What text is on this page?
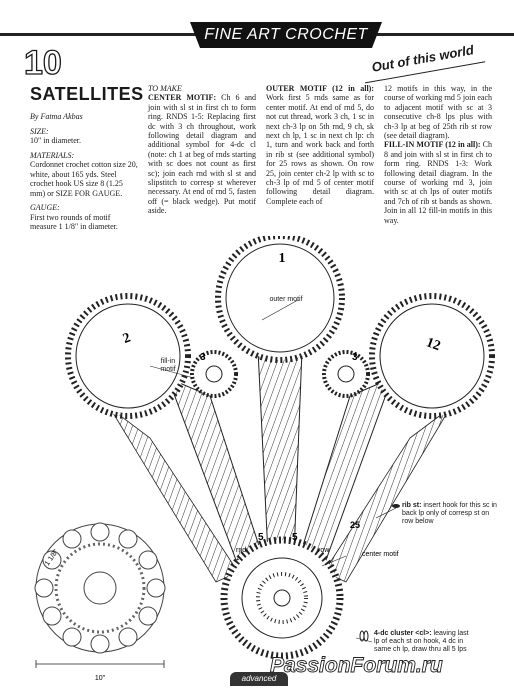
FINE ART CROCHET
Out of this world
10
SATELLITES

By Fatma Akbas

SIZE:
10" in diameter.

MATERIALS:
Cordonnet crochet cotton size 20, white, about 165 yds. Steel crochet hook US size 8 (1.25 mm) or SIZE FOR GAUGE.

GAUGE:
First two rounds of motif measure 1 1/8" in diameter.

TO MAKE

CENTER MOTIF: Ch 6 and join with sl st in first ch to form ring. RNDS 1-5: Replacing first dc with 3 ch throughout, work following detail diagram and additional symbol for 4-dc cl (note: ch 1 at beg of rnds starting with sc does not count as first sc); join each rnd with sl st and slipstitch to corresp st wherever necessary. At end of rnd 5, fasten off (= black wedge). Put motif aside.

OUTER MOTIF (12 in all): Work first 5 rnds same as for center motif. At end of rnd 5, do not cut thread, work 3 ch, 1 sc in next ch-3 lp on 5th rnd, 9 ch, sk next ch lp, 1 sc in next ch lp: ch 1, turn and work back and forth in rib st (see additional symbol) for 25 rows as shown. On row 25, join center ch-2 lp with sc to ch-3 lp of rnd 5 of center motif following detail diagram. Complete each of

12 motifs in this way, in the course of working rnd 5 join each to adjacent motif with sc at 3 consecutive ch-8 lps plus with ch-3 lp at beg of 25th rib st row (see detail diagram).

FILL-IN MOTIF (12 in all): Ch 8 and join with sl st in first ch to form ring. RNDS 1-3: Work following detail diagram. In the course of working rnd 3, join with sc at ch lps of outer motifs and 7ch of rib st bands as shown. Join in all 12 fill-in motifs in this way.

1
2	12
3	3
5	5
25
rnd	row
center motif
1 1/8"
10"
outer motif
fill-in motif
rib st: insert hook for this sc in back lp only of corresp st on row below
4-dc cluster <cl>: leaving last lp of each st on hook, 4 dc in same ch lp, draw thru all 5 lps
advanced
PassionForum.ru
